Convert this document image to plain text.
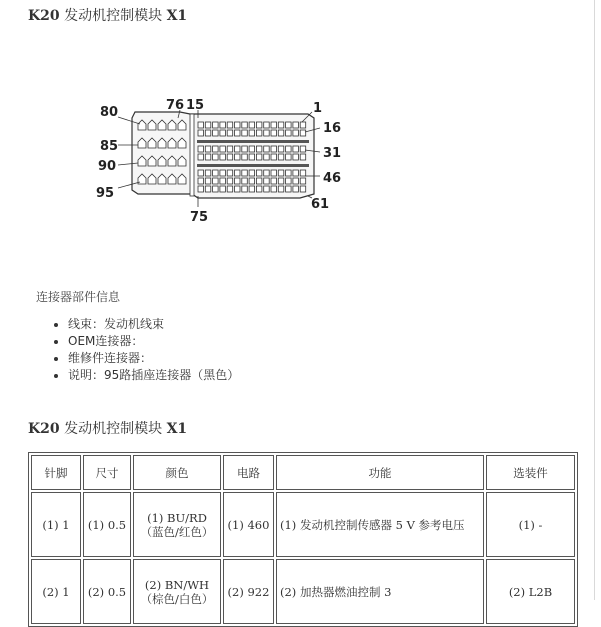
K20 发动机控制模块 X1
80	76 15	1
16
85	31
90
46
95
75
61
连接器部件信息
• 线束：发动机线束
• OEM连接器：
• 维修件连接器：
• 说明：95路插座连接器（黑色）
K20 发动机控制模块 X1
针脚	尺寸	颜色	电路	功能	选装件
(1) 1	(1) 0.5	(1) BU/RD（蓝色/红色）	(1) 460	(1) 发动机控制传感器 5 V 参考电压	(1) -
(2) 1	(2) 0.5	(2) BN/WH（棕色/白色）	(2) 922	(2) 加热器燃油控制 3	(2) L2B
